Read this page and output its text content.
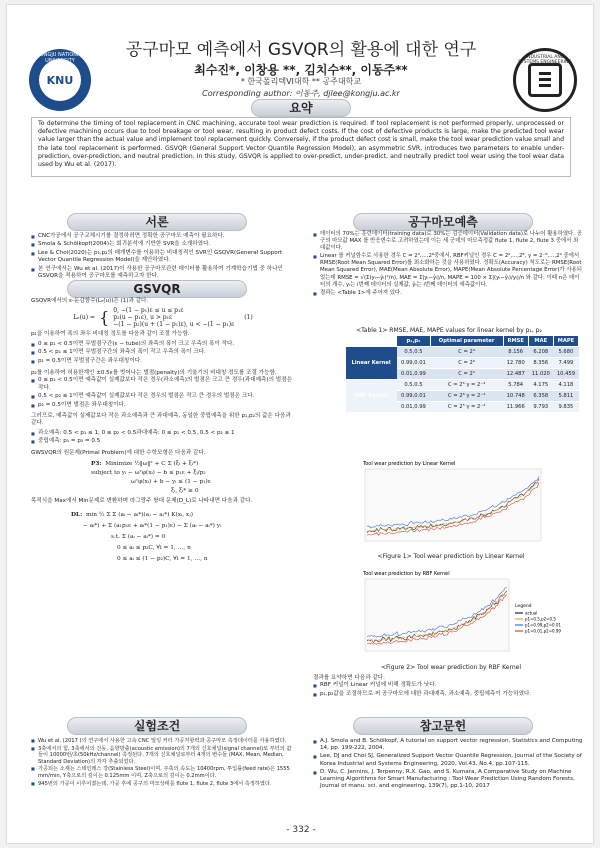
KONGJU NATIONAL UNIVERSITY
KNU
INDUSTRIAL AND SYSTEMS ENGINEERING
공구마모 예측에서 GSVQR의 활용에 대한 연구
최수진*, 이창용 **, 김치수**, 이동주**
* 한국폴리텍VI대학 ** 공주대학교
Corresponding author: 이동주, djlee@kongju.ac.kr
요약
To determine the timing of tool replacement in CNC machining, accurate tool wear prediction is required. If tool replacement is not performed properly, unprocessed or defective machining occurs due to tool breakage or tool wear, resulting in product defect costs. If the cost of defective products is large, make the predicted tool wear value larger than the actual value and implement tool replacement quickly. Conversely, if the product defect cost is small, make the tool wear prediction value small and the late tool replacement is performed. GSVQR (General Support Vector Quantile Regression Model), an asymmetric SVR, introduces two parameters to enable under-prediction, over-prediction, and neutral prediction. In this study, GSVQR is applied to over-predict, under-predict, and neutrally predict tool wear using the tool wear data used by Wu et al. (2017).
서론
■ CNC가공에서 공구교체시기를 결정하려면 정확한 공구마모 예측이 필요하다.
■ Smola & Schölkopf(2004)는 회귀분석에 기반한 SVR을 소개하였다.
■ Lee & Choi(2020)는 p₁,p₂의 매개변수를 이용하는 비대칭적인 SVR인 GSQVR(General Support Vector Quantile Regression Model)을 제안하였다.
■ 본 연구에서는 Wu et al. (2017)이 사용한 공구마모관련 데이터를 활용하여 기계학습기법 중 하나인 GSVQR을 적용하여 공구마모를 예측하고자 한다.
GSVQR
GSQVR에서의 ε-둔감함수(Lₑ(u))은 (1)과 같다.
Lₑ(u) = { 0, −(1 − p₁)ε ≤ u ≤ p₁ε
p₂(u − p₁ε), u > p₁ε
−(1 − p₂)(u + (1 − p₁)ε), u < −(1 − p₁)ε
(1)
p₁을 이용하여 폭의 좌우 비대칭 정도를 다음과 같이 조절 가능함.
■ 0 ≤ p₁ < 0.5이면 무벌점구간(ε − tube)의 좌측의 폭이 크고 우측의 폭이 작다.
■ 0.5 < p₁ ≤ 1이면 무벌점구간의 좌측의 폭이 작고 우측의 폭이 크다.
■ p₁ = 0.5이면 무벌점구간은 좌우대칭이다.
p₂를 이용하여 허용한계인 ±0.5ε를 벗어나는 벌점(penalty)의 기울기의 비대칭 정도를 조절 가능함.
■ 0 ≤ p₂ < 0.5이면 예측값이 실제값보다 작은 경우(과소예측)의 벌점은 크고 큰 경우(과대예측)의 벌점은 작다.
■ 0.5 < p₂ ≤ 1이면 예측값이 실제값보다 작은 경우의 벌점은 작고 큰 경우의 벌점은 크다.
■ p₂ = 0.5이면 벌점은 좌우대칭이다.
그러므로, 예측값이 실제값보다 작은 과소예측과 큰 과대예측, 동일한 중립예측을 위한 p₁,p₂의 값은 다음과 같다.
■ 과소예측: 0.5 < p₁ ≤ 1, 0 ≤ p₂ < 0.5과대예측: 0 ≤ p₁ < 0.5, 0.5 < p₂ ≤ 1
■ 중립예측: p₁ = p₂ = 0.5
GWSVQR의 원문제(Primal Problem)에 대한 수학모형은 다음과 같다.
P3: Minimize ½‖ω‖² + C Σ (ξᵢ + ξᵢ*)
subject to yᵢ − ωᵀφ(xᵢ) − b ≤ p₁ε + ξᵢ/p₂
ωᵀφ(xᵢ) + b − yᵢ ≤ (1 − p₁)ε
ξᵢ, ξᵢ* ≥ 0
목적식을 Max에서 Min문제로 변환하며 라그랑주 쌍대 문제(D_L)로 나타내면 다음과 같다.
DL: min ½ Σ Σ (aᵢ − aᵢ*)(aⱼ − aⱼ*) K(xᵢ, xⱼ)
− aᵢ*) + Σ (a₁p₁ε + aᵢ*(1 − p₁)ε) − Σ (aᵢ − aᵢ*) yᵢ
s.t. Σ (aᵢ − aᵢ*) = 0
0 ≤ aᵢ ≤ p₂C, ∀i = 1, …, n
0 ≤ aᵢ ≤ (1 − p₂)C, ∀i = 1, …, n
실험조건
■ Wu et al. (2017 )의 연구에서 사용한 고속 CNC 밀링 커터 가공저항력과 공구마모 측정데이터를 사용하였다.
■ 3축에서의 힘, 3축에서의 진동, 음향방출(acoustic emission)의 7개의 신호채널(signal channel)로 부터의 값들이 10000번/초(50kHz/channel) 측정된다. 7개의 신호채널로부터 4개의 변수들 (MAX, Mean, Median, Standard Deviation)의 각각 추출되었다.
■ 가공되는 소재는 스테인레스 강(Stainless Steel)이며, 주축의 속도는 10400rpm, 투입률(feed rate)은 1555 mm/min, Y축으로의 깊이는 0.125mm 이며, Z축으로의 깊이는 0.2mm이다.
■ 945번의 가공이 이루어졌는데, 가공 후에 공구의 마모상태를 flute 1, flute 2, flute 3에서 측정하였다.
공구마모예측
■ 데이터의 70%는 훈련데이터(training data)로 30%는 검증데이터(Validation data)로 나누어 활용하였다. 공구의 마모값 MAX 를 반응변수로 고려하였는데 이는 세 군데의 마모측정값 flute 1, flute 2, flute 3 중에서 최대값이다.
■ Linear 를 커널함수로 사용한 경우 C = 2⁰,...,2⁸중에서, RBF커널인 경우 C = 2⁰,...,2⁸, γ = 2⁻⁸,...,2⁰ 중에서 RMSE(Root Mean Squared Error)를 최소화하는 것을 사용하였다. 정확도(Accuracy) 척도로는 RMSE(Root Mean Squared Error), MAE(Mean Absolute Error), MAPE(Mean Absolute Percentage Error)가 사용되었는데 RMSE = √(Σ(yᵢ−ŷᵢ)²/n), MAE = Σ|yᵢ−ŷᵢ|/n, MAPE = 100 × Σ|(yᵢ−ŷᵢ)/yᵢ|/n 와 같다. 이때 n은 데이터의 개수, yᵢ는 i번째 데이터의 실제값, ŷᵢ는 i번째 데이터의 예측값이다.
■ 결과는 <Table 1>에 주어져 있다.
<Table 1> RMSE, MAE, MAPE values for linear kernel by p₁, p₂
	p₁,p₂	Optimal parameter	RMSE	MAE	MAPE
Linear Kernel	0.5,0.5	C = 2⁴	8.156	6.208	5.680
	0.99,0.01	C = 2⁶	12.780	8.356	7.499
	0.01,0.99	C = 2⁵	12.487	11.020	10.459
RBF Kernel	0.5,0.5	C = 2⁶ γ = 2⁻⁴	5.784	4.175	4.118
	0.99,0.01	C = 2⁶ γ = 2⁻⁴	10.748	6.358	5.811
	0.01,0.99	C = 2⁵ γ = 2⁻⁴	11.966	9.793	9.835
Tool wear prediction by Linear Kernel
<Figure 1> Tool wear prediction by Linear Kernel
Tool wear prediction by RBF Kernel
Legend
actual
p1=0.5,p2=0.5
p1=0.99,p2=0.01
p1=0.01,p2=0.99
<Figure 2> Tool wear prediction by RBF Kernel
결과를 요약하면 다음과 같다.
■ RBF 커널이 Linear 커널에 비해 정확도가 낫다.
■ p₁,p₂값을 조절하므로 써 공구마모에 대한 과대예측, 과소예측, 중립예측이 가능하였다.
참고문헌
■ A.J. Smola and B. Schölkopf, A tutorial on support vector regression, Statistics and Computing 14, pp. 199-222, 2004.
■ Lee, DJ and Choi SJ, Generalized Support Vector Quantile Regression, Journal of the Society of Korea Industrial and Systems Engineering, 2020, Vol.43, No.4, pp.107-115.
■ D. Wu, C. Jennins, J. Terpenny, R.X. Gao, and S. Kumara, A Comparative Study on Machine Learning Algorithms for Smart Manufacturing : Tool Wear Prediction Using Random Forests, Journal of manu. sci. and engineering, 139(7), pp.1-10, 2017
- 332 -
